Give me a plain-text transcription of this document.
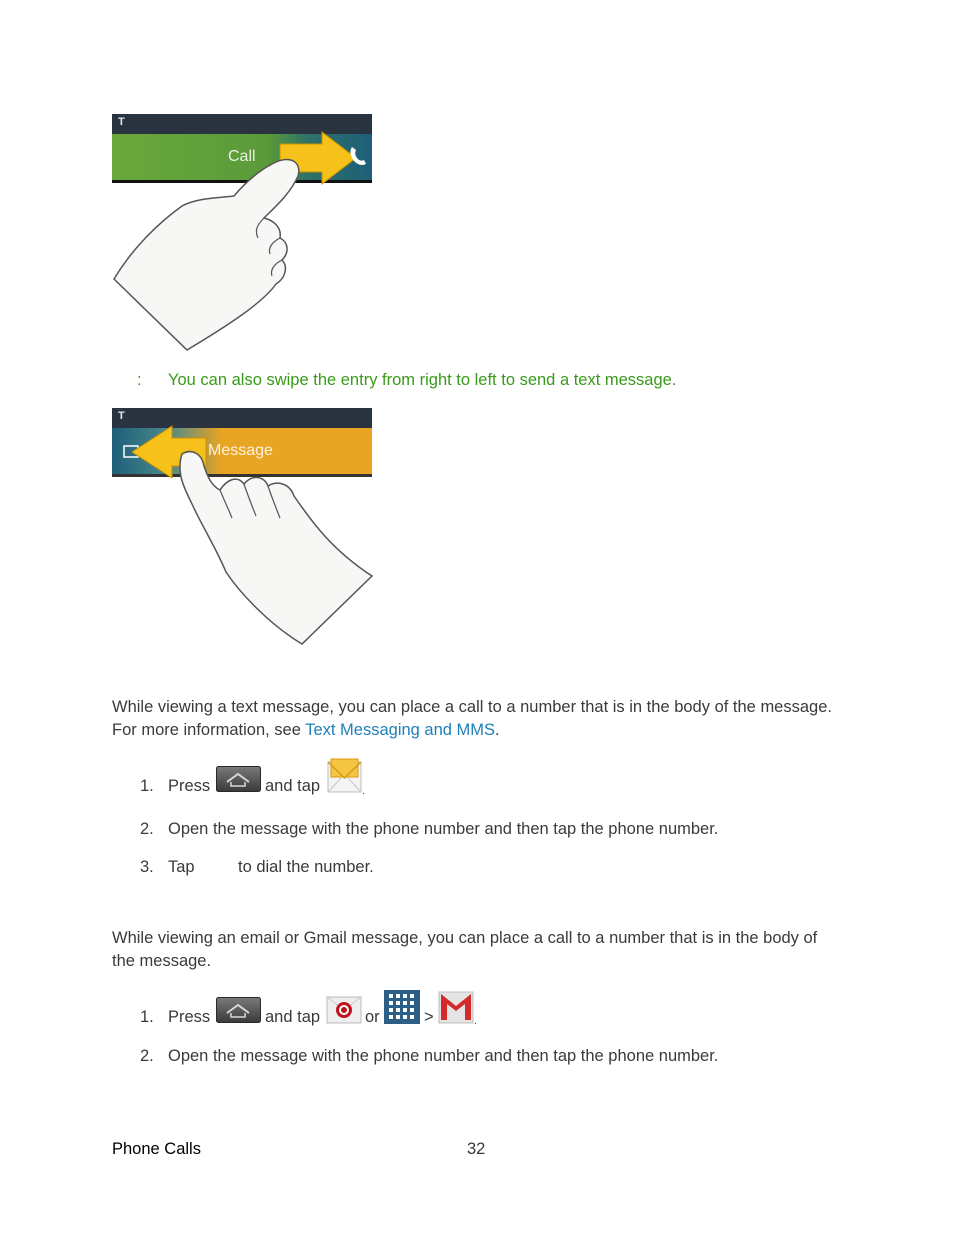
Call
T
: You can also swipe the entry from right to left to send a text message.
Message
T
While viewing a text message, you can place a call to a number that is in the body of the message. For more information, see Text Messaging and MMS.
1. Press	and tap	.
2. Open the message with the phone number and then tap the phone number.
3. Tap	to dial the number.
While viewing an email or Gmail message, you can place a call to a number that is in the body of the message.
1. Press	and tap	or	>	.
2. Open the message with the phone number and then tap the phone number.
Phone Calls	32
